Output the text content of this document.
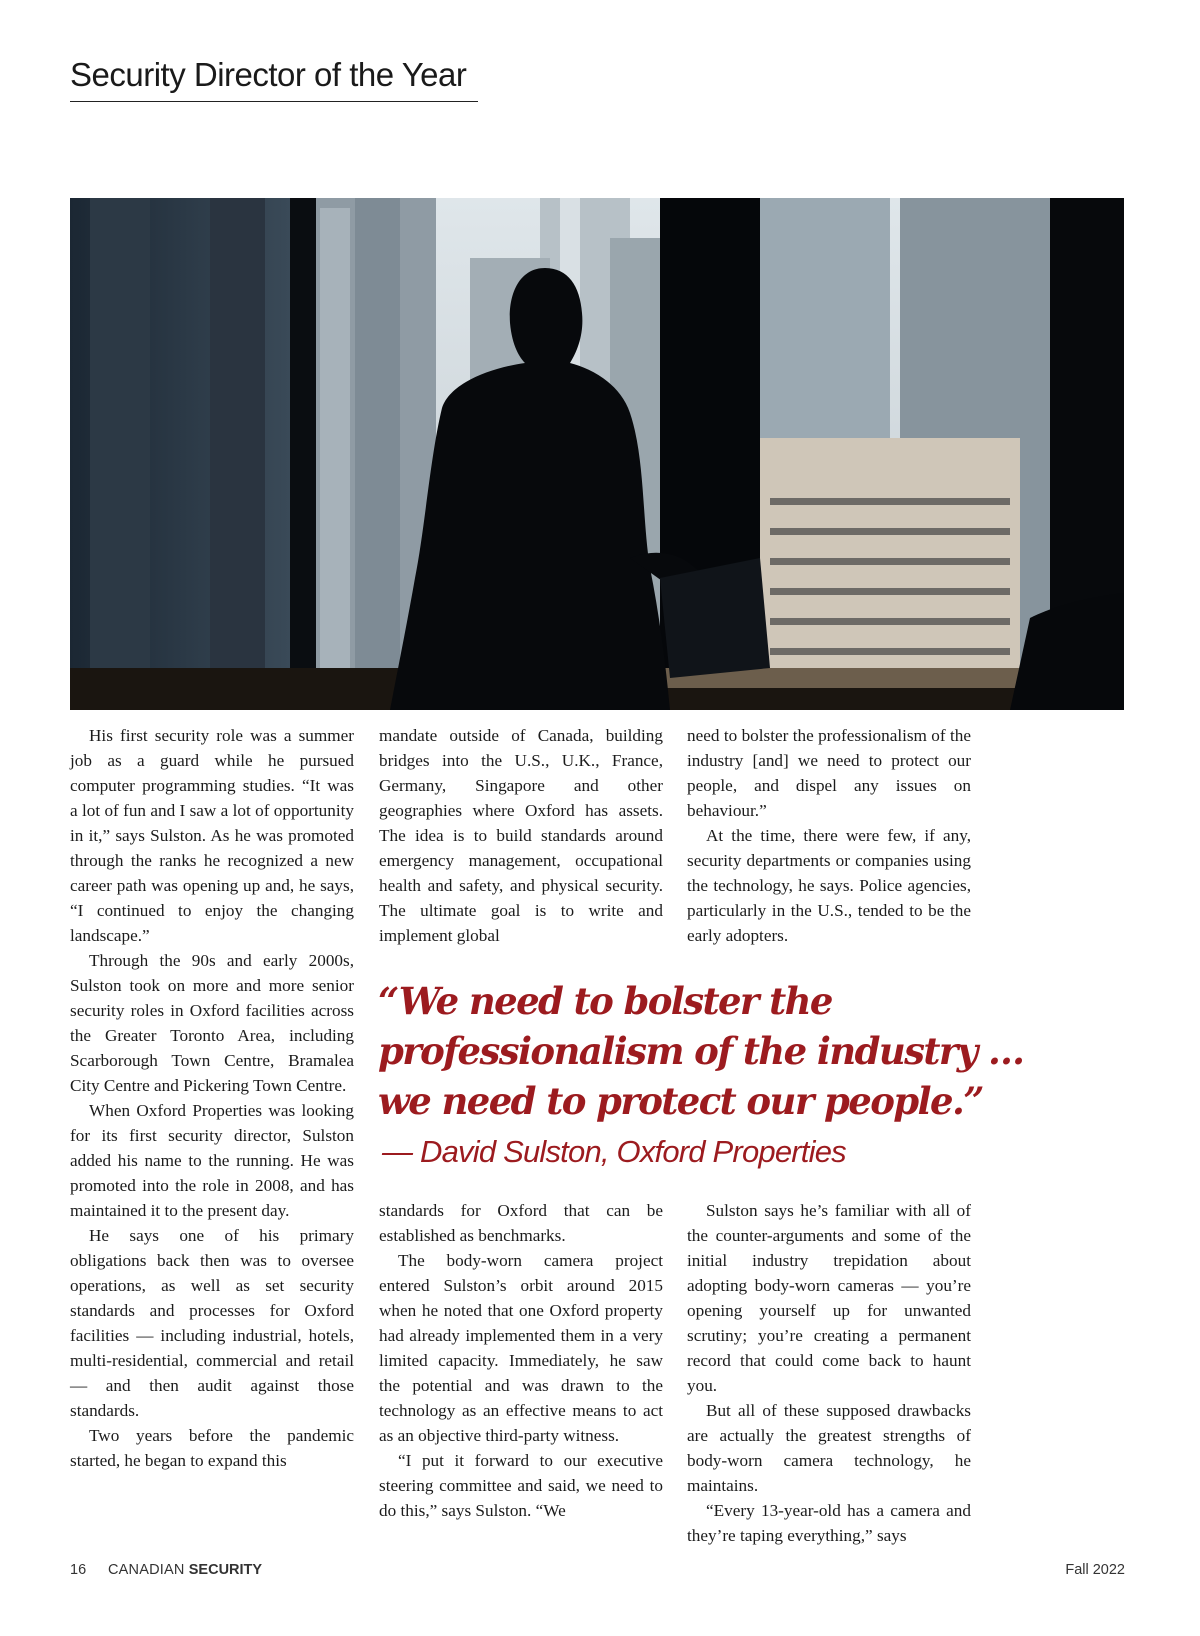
Security Director of the Year

His first security role was a summer job as a guard while he pursued computer programming studies. “It was a lot of fun and I saw a lot of opportunity in it,” says Sulston. As he was promoted through the ranks he recognized a new career path was opening up and, he says, “I continued to enjoy the changing landscape.”

Through the 90s and early 2000s, Sulston took on more and more senior security roles in Oxford facilities across the Greater Toronto Area, including Scarborough Town Centre, Bramalea City Centre and Pickering Town Centre.

When Oxford Properties was looking for its first security director, Sulston added his name to the running. He was promoted into the role in 2008, and has maintained it to the present day.

He says one of his primary obligations back then was to oversee operations, as well as set security standards and processes for Oxford facilities — including industrial, hotels, multi-residential, commercial and retail — and then audit against those standards.

Two years before the pandemic started, he began to expand this

mandate outside of Canada, building bridges into the U.S., U.K., France, Germany, Singapore and other geographies where Oxford has assets. The idea is to build standards around emergency management, occupational health and safety, and physical security. The ultimate goal is to write and implement global

need to bolster the professionalism of the industry [and] we need to protect our people, and dispel any issues on behaviour.”

At the time, there were few, if any, security departments or companies using the technology, he says. Police agencies, particularly in the U.S., tended to be the early adopters.

“We need to bolster the
professionalism of the industry …
we need to protect our people.”
— David Sulston, Oxford Properties

standards for Oxford that can be established as benchmarks.

The body-worn camera project entered Sulston’s orbit around 2015 when he noted that one Oxford property had already implemented them in a very limited capacity. Immediately, he saw the potential and was drawn to the technology as an effective means to act as an objective third-party witness.

“I put it forward to our executive steering committee and said, we need to do this,” says Sulston. “We

Sulston says he’s familiar with all of the counter-arguments and some of the initial industry trepidation about adopting body-worn cameras — you’re opening yourself up for unwanted scrutiny; you’re creating a permanent record that could come back to haunt you.

But all of these supposed drawbacks are actually the greatest strengths of body-worn camera technology, he maintains.

“Every 13-year-old has a camera and they’re taping everything,” says

16 CANADIAN SECURITY	Fall 2022
